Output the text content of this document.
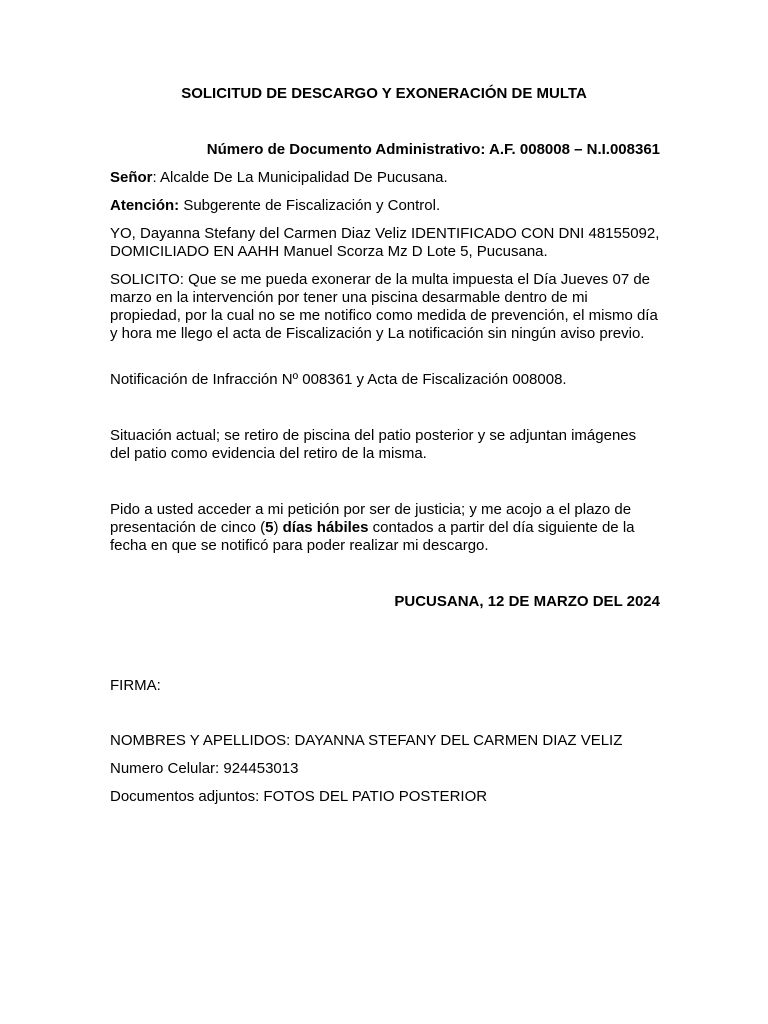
SOLICITUD DE DESCARGO Y EXONERACIÓN DE MULTA

Número de Documento Administrativo: A.F. 008008 – N.I.008361

Señor: Alcalde De La Municipalidad De Pucusana.

Atención: Subgerente de Fiscalización y Control.

YO, Dayanna Stefany del Carmen Diaz Veliz IDENTIFICADO CON DNI 48155092, DOMICILIADO EN AAHH Manuel Scorza Mz D Lote 5, Pucusana.

SOLICITO: Que se me pueda exonerar de la multa impuesta el Día Jueves 07 de marzo en la intervención por tener una piscina desarmable dentro de mi propiedad, por la cual no se me notifico como medida de prevención, el mismo día y hora me llego el acta de Fiscalización y La notificación sin ningún aviso previo.

Notificación de Infracción Nº 008361 y Acta de Fiscalización 008008.

Situación actual; se retiro de piscina del patio posterior y se adjuntan imágenes del patio como evidencia del retiro de la misma.

Pido a usted acceder a mi petición por ser de justicia; y me acojo a el plazo de presentación de cinco (5) días hábiles contados a partir del día siguiente de la fecha en que se notificó para poder realizar mi descargo.

PUCUSANA, 12 DE MARZO DEL 2024

FIRMA:

NOMBRES Y APELLIDOS: DAYANNA STEFANY DEL CARMEN DIAZ VELIZ

Numero Celular: 924453013

Documentos adjuntos: FOTOS DEL PATIO POSTERIOR
